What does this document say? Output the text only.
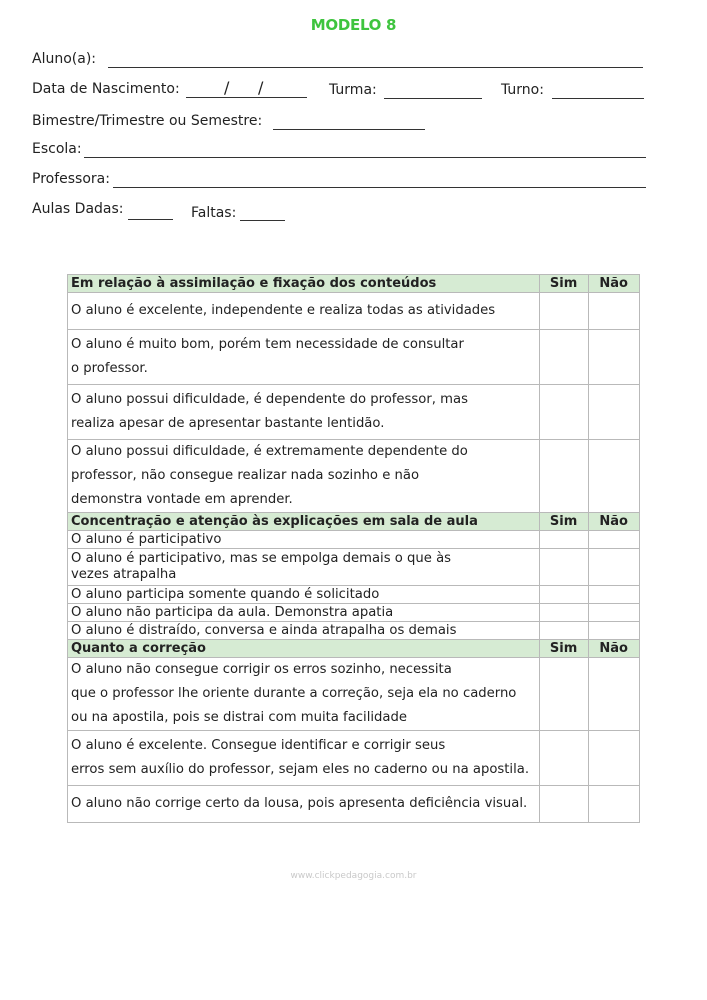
MODELO 8
Aluno(a):
Data de Nascimento:	/ /	Turma:	Turno:
Bimestre/Trimestre ou Semestre:
Escola:
Professora:
Aulas Dadas:	Faltas:
Em relação à assimilação e fixação dos conteúdos	Sim	Não
O aluno é excelente, independente e realiza todas as atividades		
O aluno é muito bom, porém tem necessidade de consultar
o professor.		
O aluno possui dificuldade, é dependente do professor, mas
realiza apesar de apresentar bastante lentidão.		
O aluno possui dificuldade, é extremamente dependente do
professor, não consegue realizar nada sozinho e não
demonstra vontade em aprender.		
Concentração e atenção às explicações em sala de aula	Sim	Não
O aluno é participativo		
O aluno é participativo, mas se empolga demais o que às
vezes atrapalha		
O aluno participa somente quando é solicitado		
O aluno não participa da aula. Demonstra apatia		
O aluno é distraído, conversa e ainda atrapalha os demais		
Quanto a correção	Sim	Não
O aluno não consegue corrigir os erros sozinho, necessita
que o professor lhe oriente durante a correção, seja ela no caderno
ou na apostila, pois se distrai com muita facilidade		
O aluno é excelente. Consegue identificar e corrigir seus
erros sem auxílio do professor, sejam eles no caderno ou na apostila.		
O aluno não corrige certo da lousa, pois apresenta deficiência visual.		
www.clickpedagogia.com.br
